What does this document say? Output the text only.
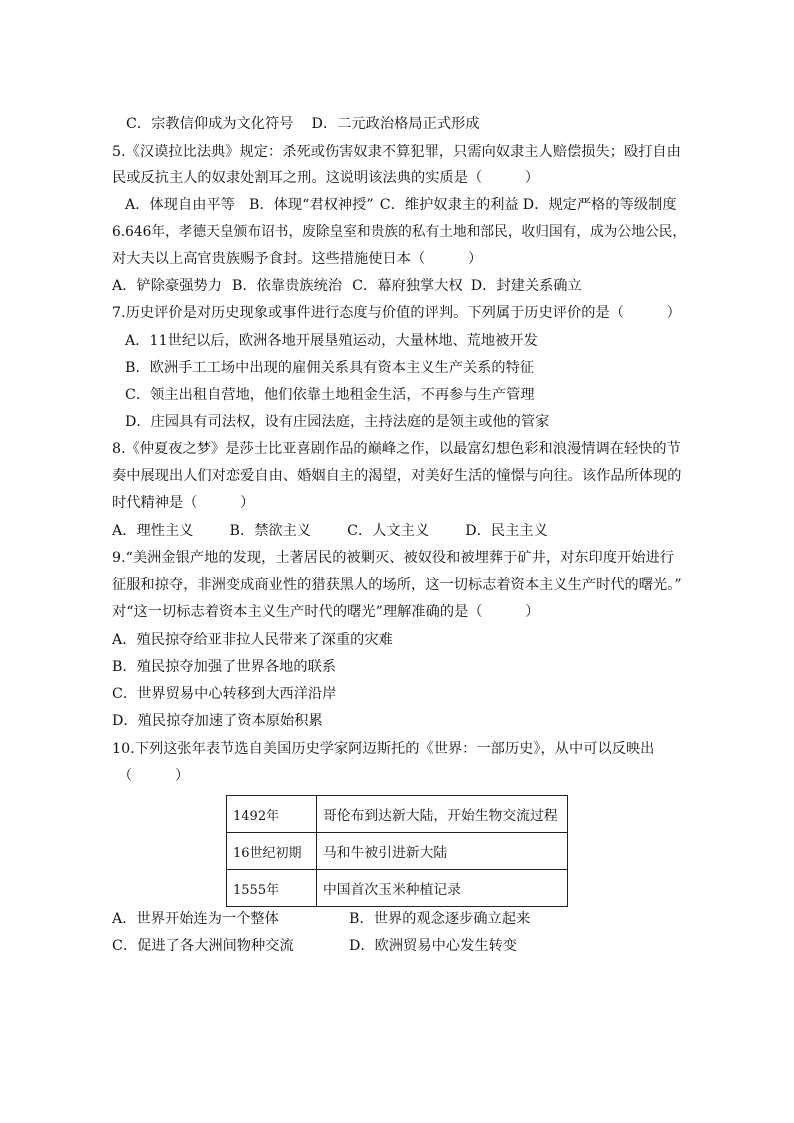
C．宗教信仰成为文化符号 D．二元政治格局正式形成
5.《汉谟拉比法典》规定：杀死或伤害奴隶不算犯罪，只需向奴隶主人赔偿损失；殴打自由
民或反抗主人的奴隶处割耳之刑。这说明该法典的实质是（　　　）
A．体现自由平等 B．体现“君权神授” C．维护奴隶主的利益 D．规定严格的等级制度
6.646年，孝德天皇颁布诏书，废除皇室和贵族的私有土地和部民，收归国有，成为公地公民，
对大夫以上高官贵族赐予食封。这些措施使日本（　　　）
A．铲除豪强势力 B．依靠贵族统治 C．幕府独掌大权 D．封建关系确立
7.历史评价是对历史现象或事件进行态度与价值的评判。下列属于历史评价的是（　　　）
A．11世纪以后，欧洲各地开展垦殖运动，大量林地、荒地被开发
B．欧洲手工工场中出现的雇佣关系具有资本主义生产关系的特征
C．领主出租自营地，他们依靠土地租金生活，不再参与生产管理
D．庄园具有司法权，设有庄园法庭，主持法庭的是领主或他的管家
8.《仲夏夜之梦》是莎士比亚喜剧作品的巅峰之作，以最富幻想色彩和浪漫情调在轻快的节
奏中展现出人们对恋爱自由、婚姻自主的渴望，对美好生活的憧憬与向往。该作品所体现的
时代精神是（　　　）
A．理性主义	B．禁欲主义	C．人文主义	D．民主主义
9.“美洲金银产地的发现，土著居民的被剿灭、被奴役和被埋葬于矿井，对东印度开始进行
征服和掠夺，非洲变成商业性的猎获黑人的场所，这一切标志着资本主义生产时代的曙光。”
对“这一切标志着资本主义生产时代的曙光”理解准确的是（　　　）
A．殖民掠夺给亚非拉人民带来了深重的灾难
B．殖民掠夺加强了世界各地的联系
C．世界贸易中心转移到大西洋沿岸
D．殖民掠夺加速了资本原始积累
10.下列这张年表节选自美国历史学家阿迈斯托的《世界：一部历史》，从中可以反映出
（　　　）
1492年	哥伦布到达新大陆，开始生物交流过程
16世纪初期	马和牛被引进新大陆
1555年	中国首次玉米种植记录
A．世界开始连为一个整体	B．世界的观念逐步确立起来
C．促进了各大洲间物种交流	D．欧洲贸易中心发生转变
